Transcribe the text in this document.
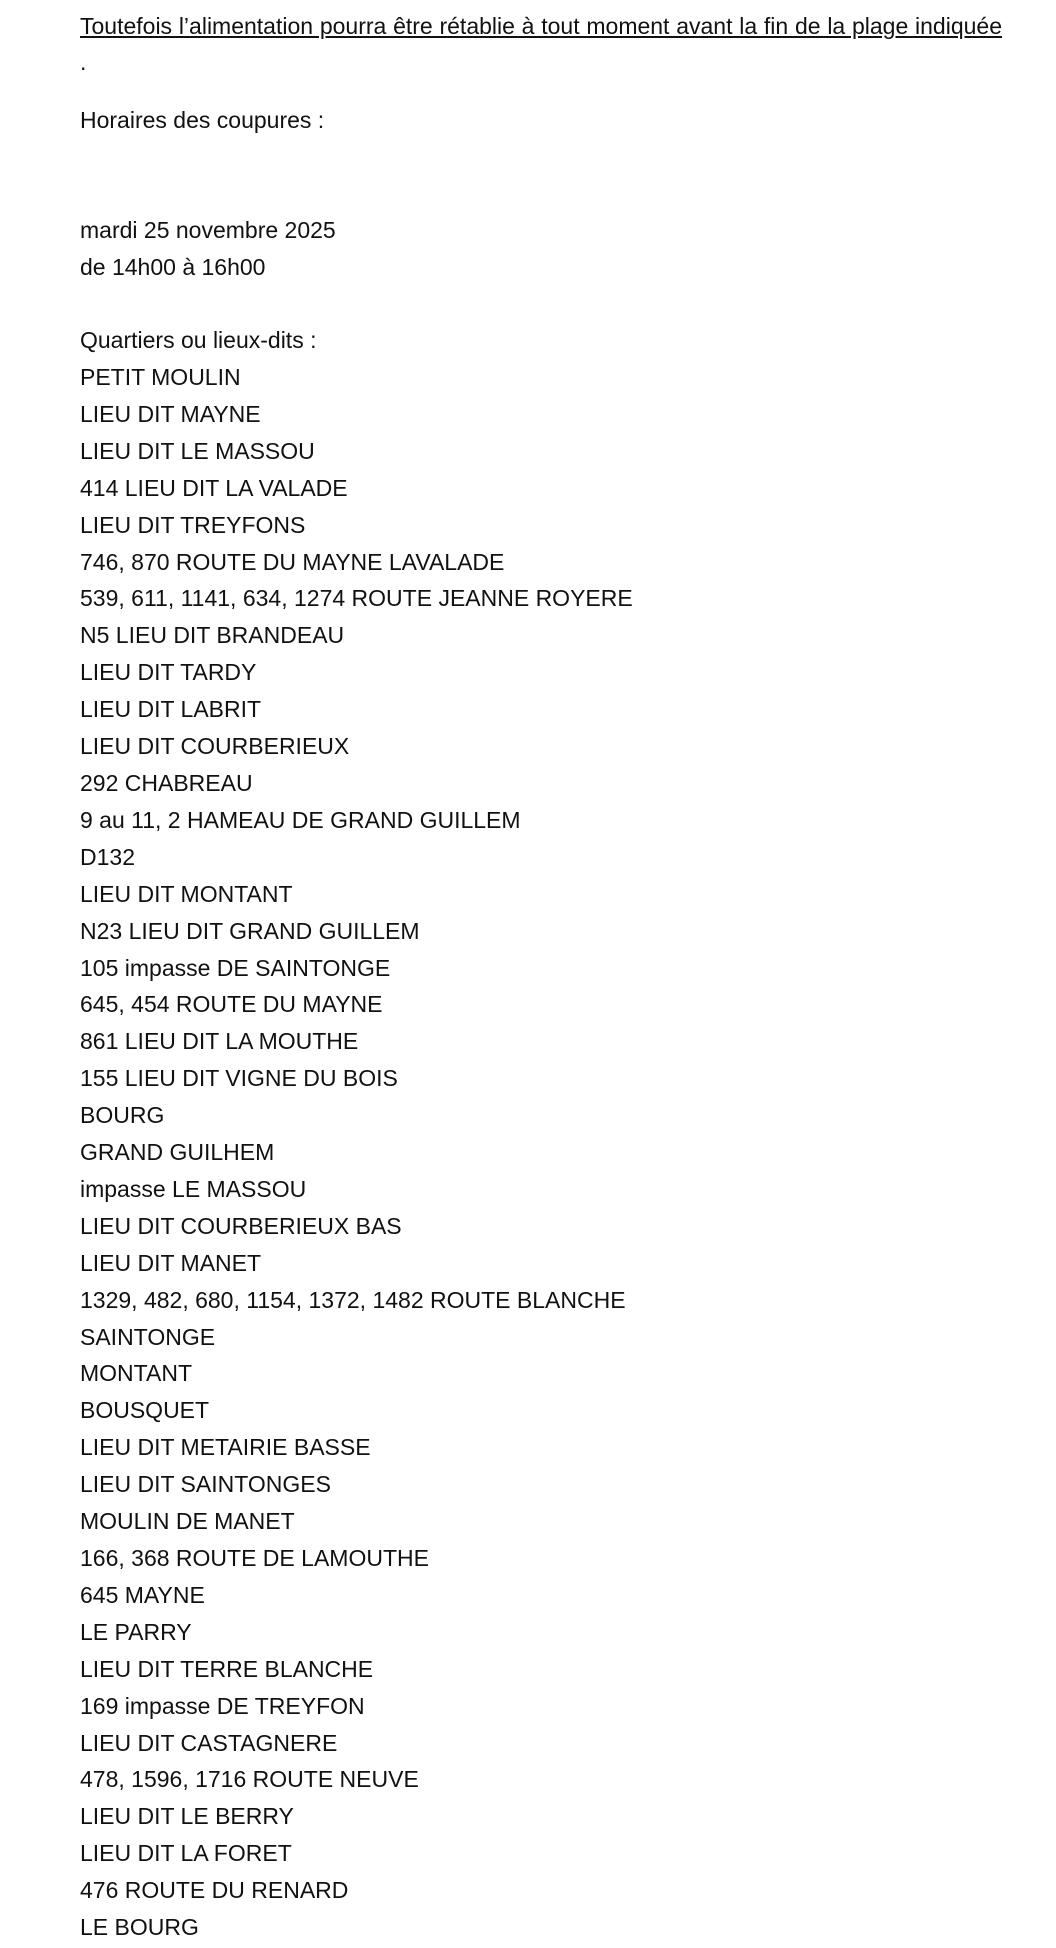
Toutefois l’alimentation pourra être rétablie à tout moment avant la fin de la plage indiquée.

Horaires des coupures :
mardi 25 novembre 2025
de 14h00 à 16h00
Quartiers ou lieux-dits :
PETIT MOULIN
LIEU DIT MAYNE
LIEU DIT LE MASSOU
414 LIEU DIT LA VALADE
LIEU DIT TREYFONS
746, 870 ROUTE DU MAYNE LAVALADE
539, 611, 1141, 634, 1274 ROUTE JEANNE ROYERE
N5 LIEU DIT BRANDEAU
LIEU DIT TARDY
LIEU DIT LABRIT
LIEU DIT COURBERIEUX
292 CHABREAU
9 au 11, 2 HAMEAU DE GRAND GUILLEM
D132
LIEU DIT MONTANT
N23 LIEU DIT GRAND GUILLEM
105 impasse DE SAINTONGE
645, 454 ROUTE DU MAYNE
861 LIEU DIT LA MOUTHE
155 LIEU DIT VIGNE DU BOIS
BOURG
GRAND GUILHEM
impasse LE MASSOU
LIEU DIT COURBERIEUX BAS
LIEU DIT MANET
1329, 482, 680, 1154, 1372, 1482 ROUTE BLANCHE
SAINTONGE
MONTANT
BOUSQUET
LIEU DIT METAIRIE BASSE
LIEU DIT SAINTONGES
MOULIN DE MANET
166, 368 ROUTE DE LAMOUTHE
645 MAYNE
LE PARRY
LIEU DIT TERRE BLANCHE
169 impasse DE TREYFON
LIEU DIT CASTAGNERE
478, 1596, 1716 ROUTE NEUVE
LIEU DIT LE BERRY
LIEU DIT LA FORET
476 ROUTE DU RENARD
LE BOURG
